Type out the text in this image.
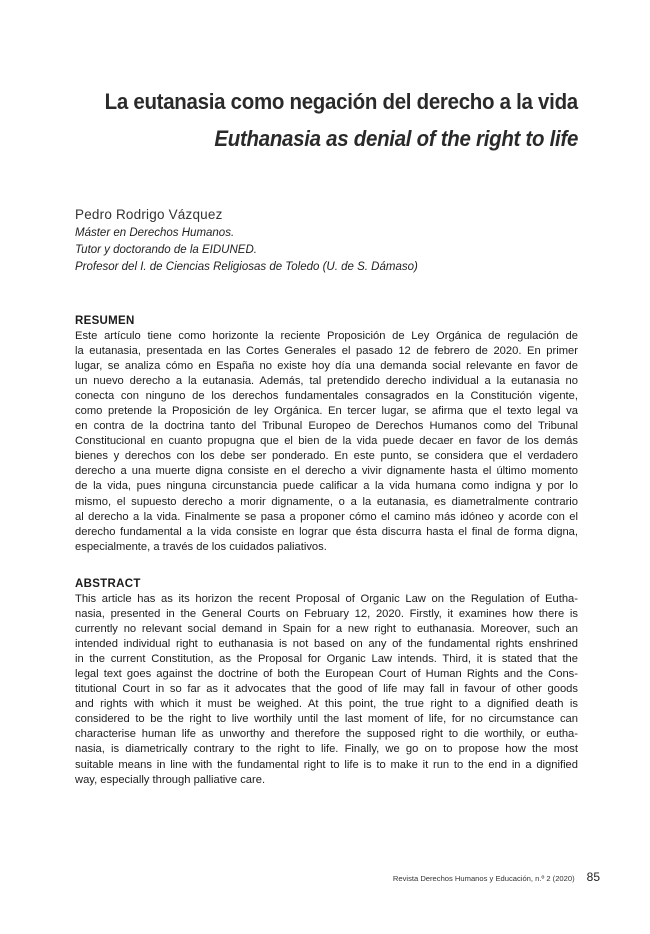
La eutanasia como negación del derecho a la vida
Euthanasia as denial of the right to life
Pedro Rodrigo Vázquez
Máster en Derechos Humanos.
Tutor y doctorando de la EIDUNED.
Profesor del I. de Ciencias Religiosas de Toledo (U. de S. Dámaso)
RESUMEN
Este artículo tiene como horizonte la reciente Proposición de Ley Orgánica de regulación de
la eutanasia, presentada en las Cortes Generales el pasado 12 de febrero de 2020. En primer
lugar, se analiza cómo en España no existe hoy día una demanda social relevante en favor de
un nuevo derecho a la eutanasia. Además, tal pretendido derecho individual a la eutanasia no
conecta con ninguno de los derechos fundamentales consagrados en la Constitución vigente,
como pretende la Proposición de ley Orgánica. En tercer lugar, se afirma que el texto legal va
en contra de la doctrina tanto del Tribunal Europeo de Derechos Humanos como del Tribunal
Constitucional en cuanto propugna que el bien de la vida puede decaer en favor de los demás
bienes y derechos con los debe ser ponderado. En este punto, se considera que el verdadero
derecho a una muerte digna consiste en el derecho a vivir dignamente hasta el último momento
de la vida, pues ninguna circunstancia puede calificar a la vida humana como indigna y por lo
mismo, el supuesto derecho a morir dignamente, o a la eutanasia, es diametralmente contrario
al derecho a la vida. Finalmente se pasa a proponer cómo el camino más idóneo y acorde con el
derecho fundamental a la vida consiste en lograr que ésta discurra hasta el final de forma digna,
especialmente, a través de los cuidados paliativos.
ABSTRACT
This article has as its horizon the recent Proposal of Organic Law on the Regulation of Eutha-
nasia, presented in the General Courts on February 12, 2020. Firstly, it examines how there is
currently no relevant social demand in Spain for a new right to euthanasia. Moreover, such an
intended individual right to euthanasia is not based on any of the fundamental rights enshrined
in the current Constitution, as the Proposal for Organic Law intends. Third, it is stated that the
legal text goes against the doctrine of both the European Court of Human Rights and the Cons-
titutional Court in so far as it advocates that the good of life may fall in favour of other goods
and rights with which it must be weighed. At this point, the true right to a dignified death is
considered to be the right to live worthily until the last moment of life, for no circumstance can
characterise human life as unworthy and therefore the supposed right to die worthily, or eutha-
nasia, is diametrically contrary to the right to life. Finally, we go on to propose how the most
suitable means in line with the fundamental right to life is to make it run to the end in a dignified
way, especially through palliative care.
Revista Derechos Humanos y Educación, n.º 2 (2020) 85
